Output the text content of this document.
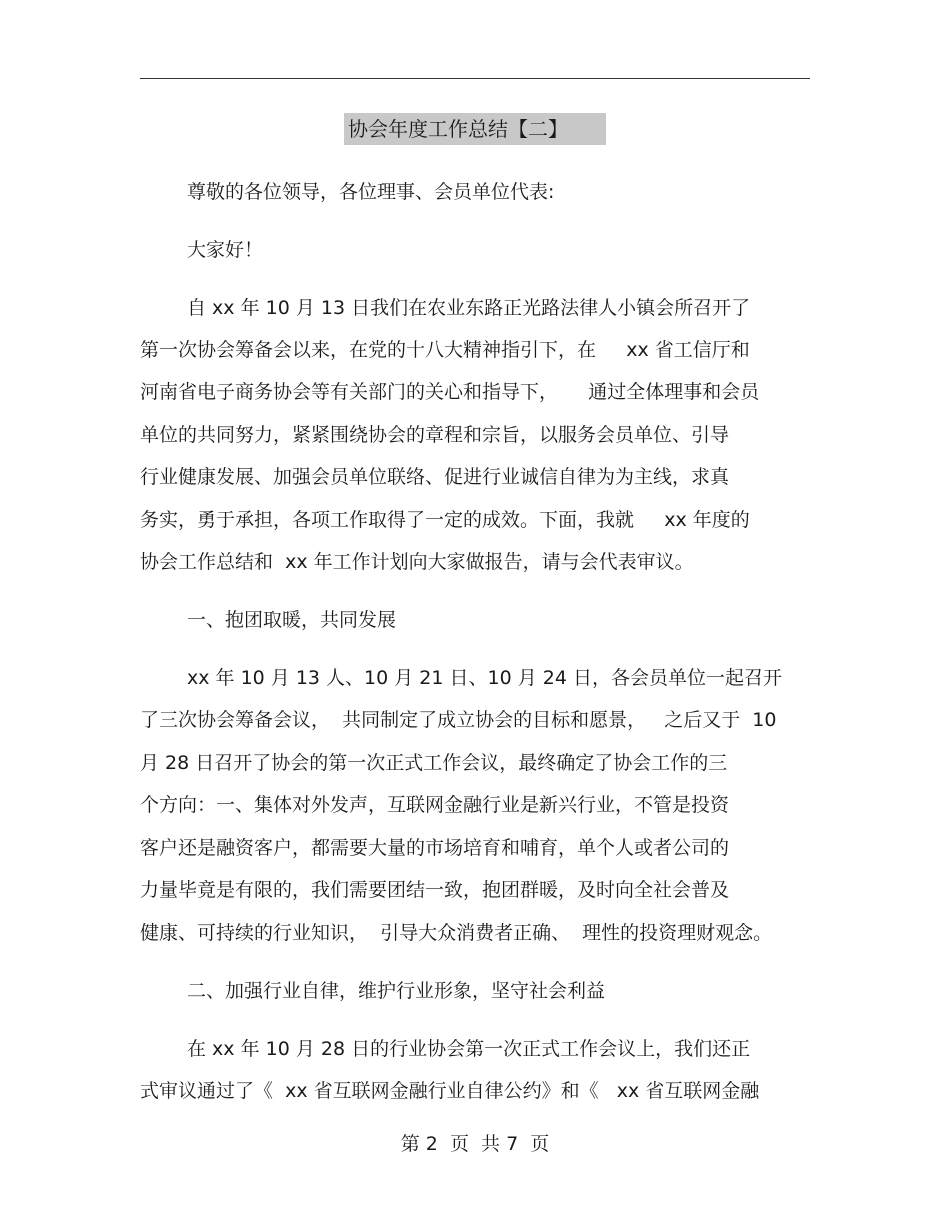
协会年度工作总结【二】
尊敬的各位领导，各位理事、会员单位代表:
大家好！
自 xx 年 10 月 13 日我们在农业东路正光路法律人小镇会所召开了
第一次协会筹备会以来，在党的十八大精神指引下，在     xx 省工信厅和
河南省电子商务协会等有关部门的关心和指导下，     通过全体理事和会员
单位的共同努力，紧紧围绕协会的章程和宗旨，以服务会员单位、引导
行业健康发展、加强会员单位联络、促进行业诚信自律为为主线，求真
务实，勇于承担，各项工作取得了一定的成效。下面，我就     xx 年度的
协会工作总结和  xx 年工作计划向大家做报告，请与会代表审议。
一、抱团取暖，共同发展
xx 年 10 月 13 人、10 月 21 日、10 月 24 日，各会员单位一起召开
了三次协会筹备会议，  共同制定了成立协会的目标和愿景，   之后又于  10
月 28 日召开了协会的第一次正式工作会议，最终确定了协会工作的三
个方向：一、集体对外发声，互联网金融行业是新兴行业，不管是投资
客户还是融资客户，都需要大量的市场培育和哺育，单个人或者公司的
力量毕竟是有限的，我们需要团结一致，抱团群暖，及时向全社会普及
健康、可持续的行业知识，  引导大众消费者正确、  理性的投资理财观念。
二、加强行业自律，维护行业形象，坚守社会利益
在 xx 年 10 月 28 日的行业协会第一次正式工作会议上，我们还正
式审议通过了《  xx 省互联网金融行业自律公约》和《   xx 省互联网金融
第 2  页  共 7  页
